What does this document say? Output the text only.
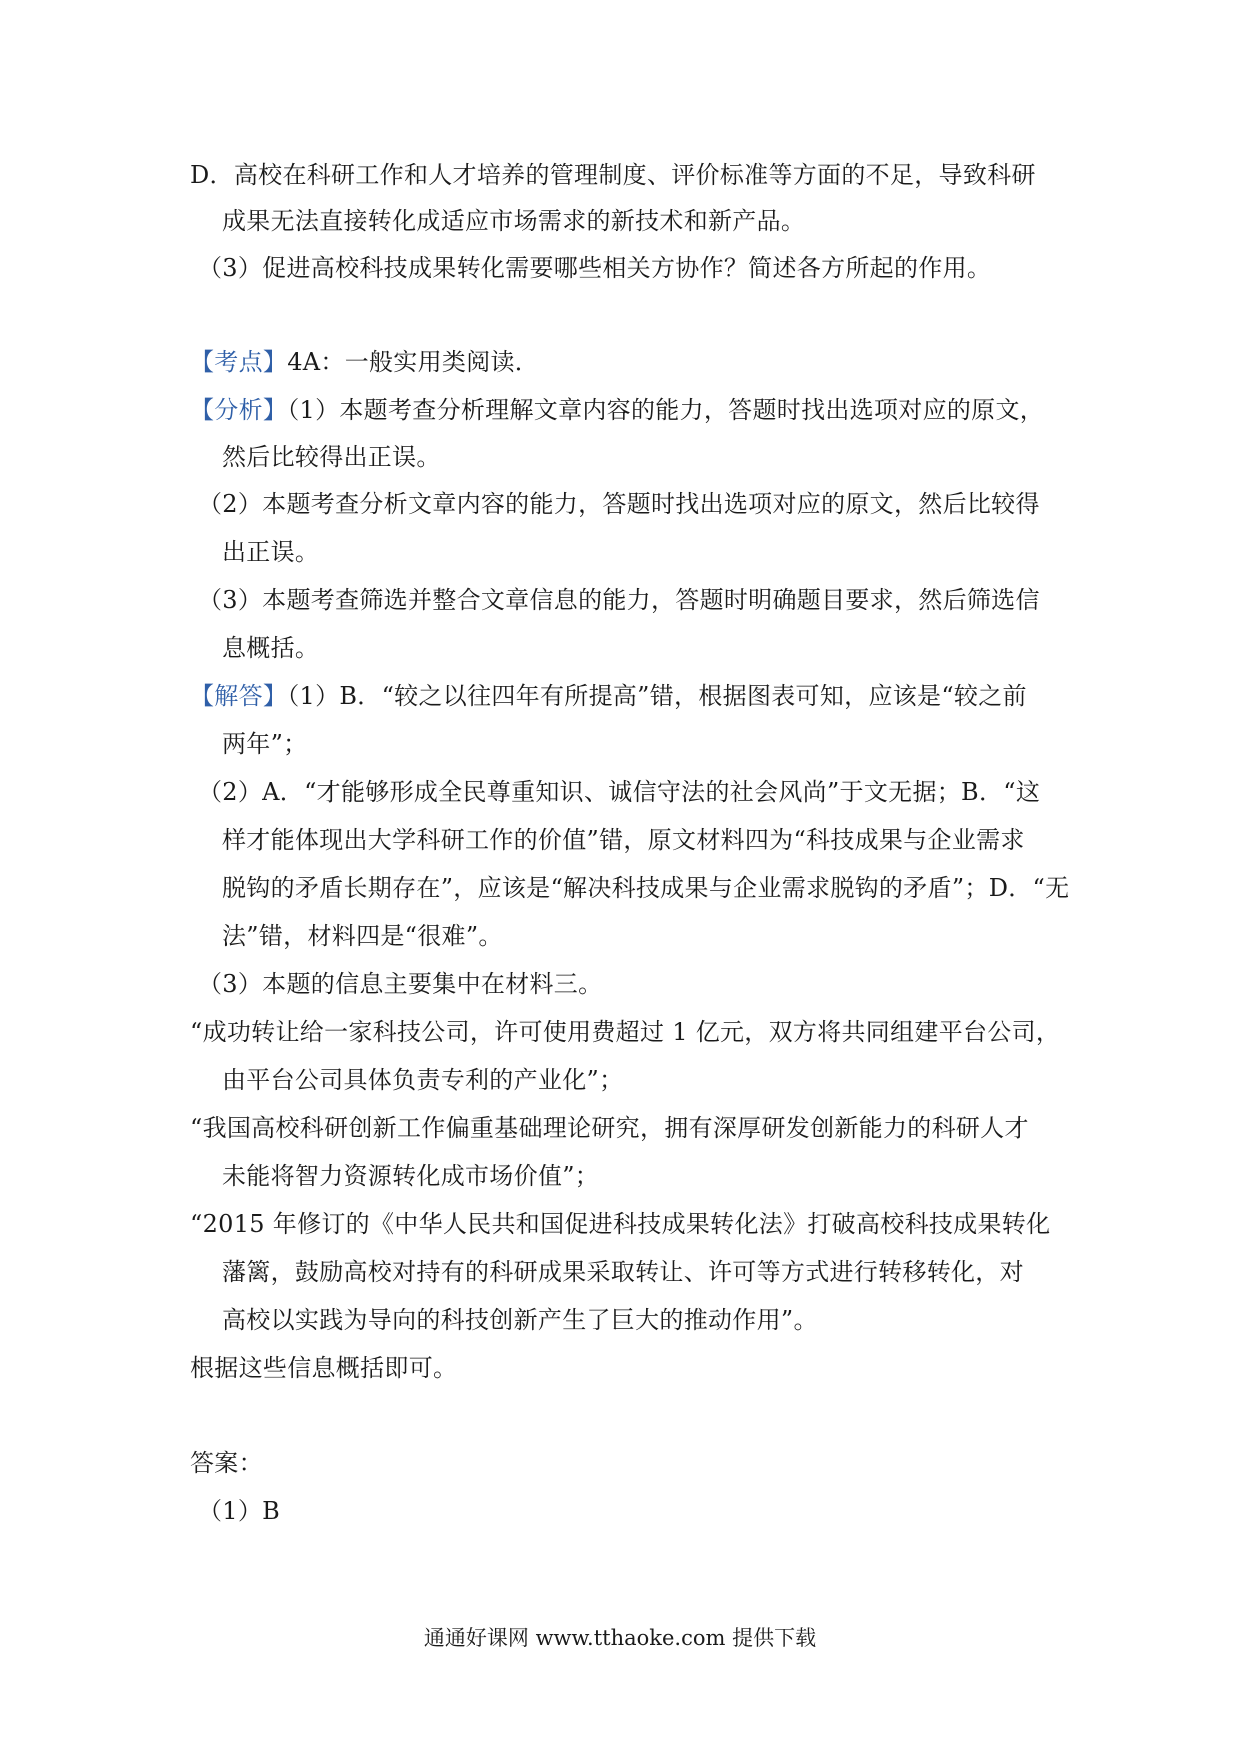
D．高校在科研工作和人才培养的管理制度、评价标准等方面的不足，导致科研
成果无法直接转化成适应市场需求的新技术和新产品。
（3）促进高校科技成果转化需要哪些相关方协作？简述各方所起的作用。
【考点】4A：一般实用类阅读．
【分析】（1）本题考查分析理解文章内容的能力，答题时找出选项对应的原文，
然后比较得出正误。
（2）本题考查分析文章内容的能力，答题时找出选项对应的原文，然后比较得
出正误。
（3）本题考查筛选并整合文章信息的能力，答题时明确题目要求，然后筛选信
息概括。
【解答】（1）B．“较之以往四年有所提高”错，根据图表可知，应该是“较之前
两年”；
（2）A．“才能够形成全民尊重知识、诚信守法的社会风尚”于文无据；B．“这
样才能体现出大学科研工作的价值”错，原文材料四为“科技成果与企业需求
脱钩的矛盾长期存在”，应该是“解决科技成果与企业需求脱钩的矛盾”；D．“无
法”错，材料四是“很难”。
（3）本题的信息主要集中在材料三。
“成功转让给一家科技公司，许可使用费超过 1 亿元，双方将共同组建平台公司，
由平台公司具体负责专利的产业化”；
“我国高校科研创新工作偏重基础理论研究，拥有深厚研发创新能力的科研人才
未能将智力资源转化成市场价值”；
“2015 年修订的《中华人民共和国促进科技成果转化法》打破高校科技成果转化
藩篱，鼓励高校对持有的科研成果采取转让、许可等方式进行转移转化，对
高校以实践为导向的科技创新产生了巨大的推动作用”。
根据这些信息概括即可。
答案：
（1）B
通通好课网 www.tthaoke.com 提供下载
